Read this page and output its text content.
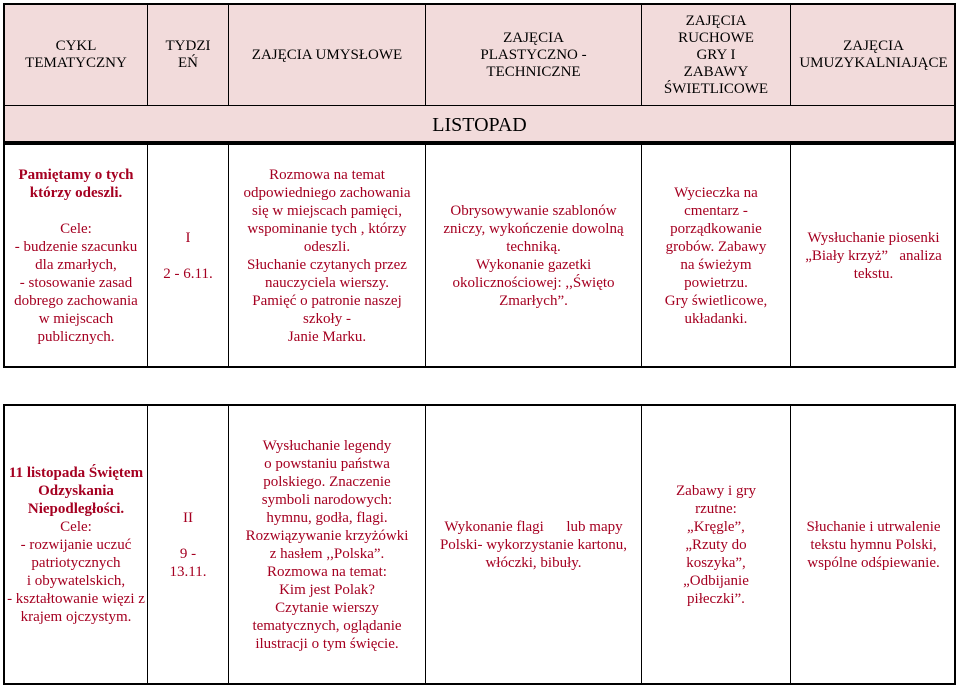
CYKL
TEMATYCZNY
TYDZI
EŃ
ZAJĘCIA UMYSŁOWE
ZAJĘCIA
PLASTYCZNO -
TECHNICZNE
ZAJĘCIA
RUCHOWE
GRY I
ZABAWY
ŚWIETLICOWE
ZAJĘCIA
UMUZYKALNIAJĄCE
LISTOPAD
Pamiętamy o tych
którzy odeszli.
Cele:
- budzenie szacunku
dla zmarłych,
- stosowanie zasad
dobrego zachowania
w miejscach
publicznych.
I
2 - 6.11.
Rozmowa na temat
odpowiedniego zachowania
się w miejscach pamięci,
wspominanie tych , którzy
odeszli.
Słuchanie czytanych przez
nauczyciela wierszy.
Pamięć o patronie naszej
szkoły -
Janie Marku.
Obrysowywanie szablonów
zniczy, wykończenie dowolną
techniką.
Wykonanie gazetki
okolicznościowej: ,,Święto
Zmarłych”.
Wycieczka na
cmentarz -
porządkowanie
grobów. Zabawy
na świeżym
powietrzu.
Gry świetlicowe,
układanki.
Wysłuchanie piosenki
„Biały krzyż”   analiza
tekstu.
11 listopada Świętem
Odzyskania
Niepodległości.
Cele:
- rozwijanie uczuć
patriotycznych
i obywatelskich,
- kształtowanie więzi z
krajem ojczystym.
II
9 -
13.11.
Wysłuchanie legendy
o powstaniu państwa
polskiego. Znaczenie
symboli narodowych:
hymnu, godła, flagi.
Rozwiązywanie krzyżówki
z hasłem ,,Polska”.
Rozmowa na temat:
Kim jest Polak?
Czytanie wierszy
tematycznych, oglądanie
ilustracji o tym święcie.
Wykonanie flagi      lub mapy
Polski- wykorzystanie kartonu,
włóczki, bibuły.
Zabawy i gry
rzutne:
„Kręgle”,
„Rzuty do
koszyka”,
„Odbijanie
piłeczki”.
Słuchanie i utrwalenie
tekstu hymnu Polski,
wspólne odśpiewanie.
